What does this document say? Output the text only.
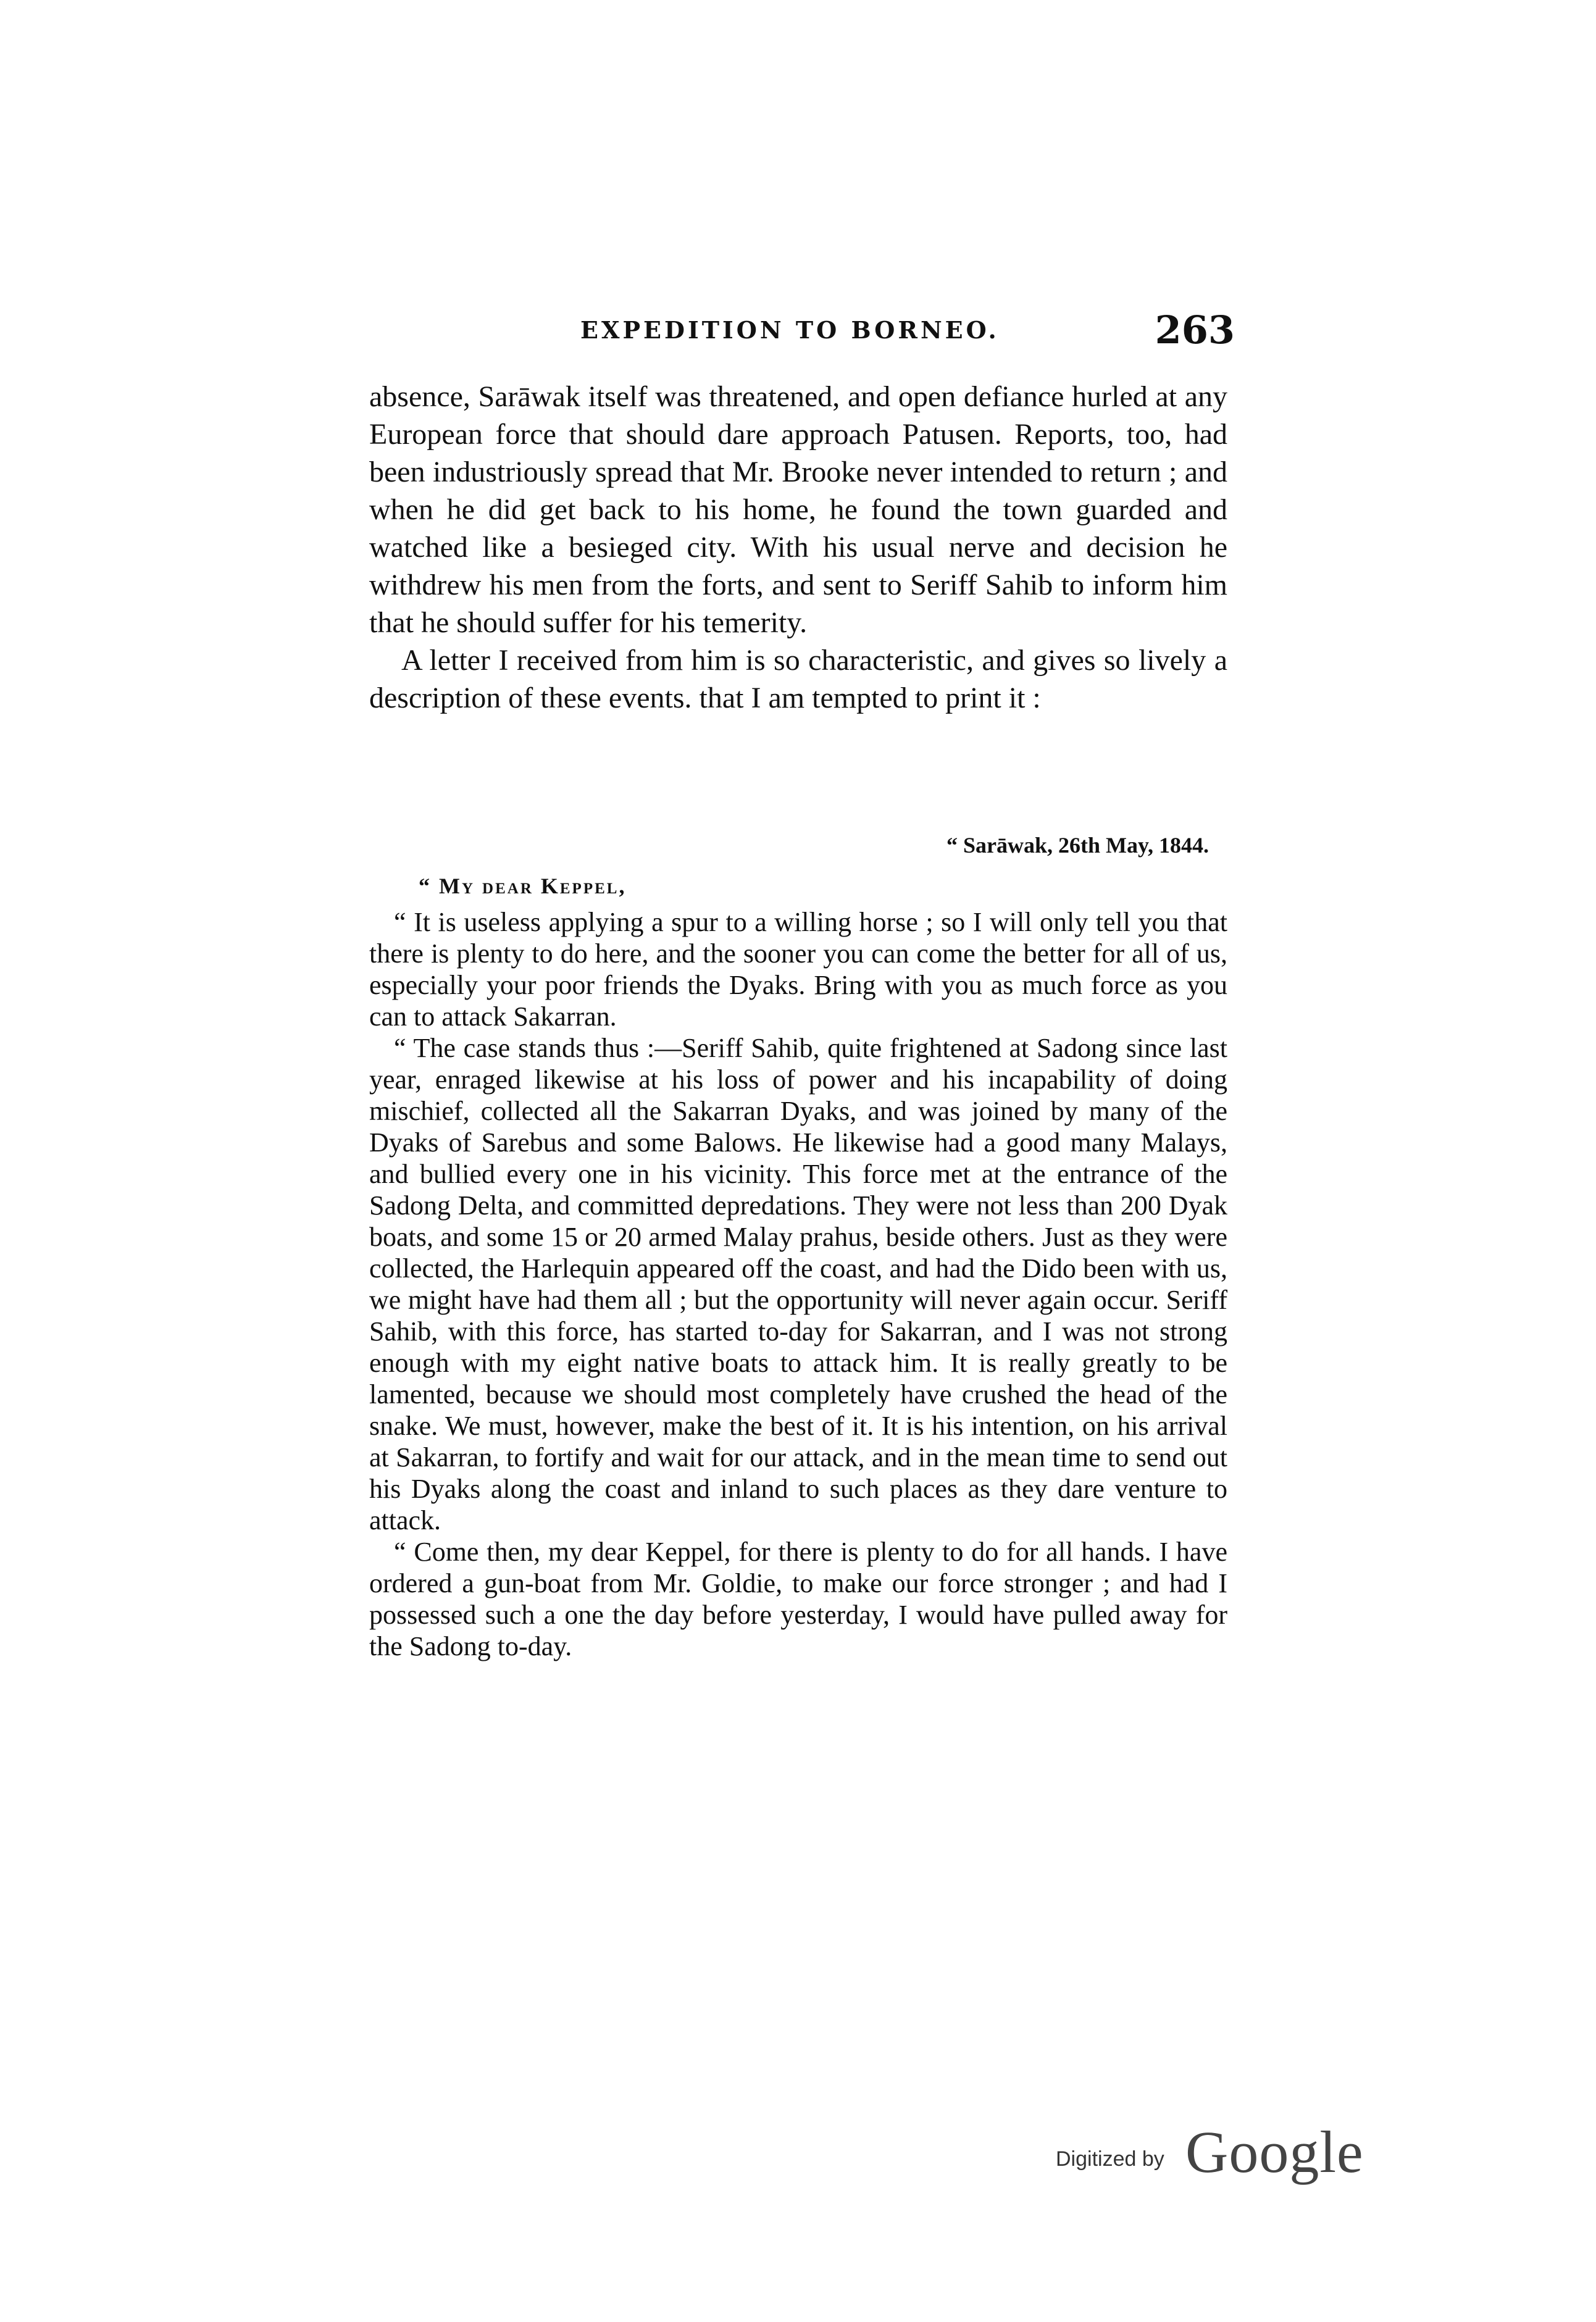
EXPEDITION TO BORNEO.	263

absence, Sarāwak itself was threatened, and open defiance hurled at any European force that should dare approach Patusen. Reports, too, had been industriously spread that Mr. Brooke never intended to return ; and when he did get back to his home, he found the town guarded and watched like a besieged city. With his usual nerve and decision he withdrew his men from the forts, and sent to Seriff Sahib to inform him that he should suffer for his temerity.

A letter I received from him is so characteristic, and gives so lively a description of these events. that I am tempted to print it :

“ Sarāwak, 26th May, 1844.

“ My dear Keppel,

“ It is useless applying a spur to a willing horse ; so I will only tell you that there is plenty to do here, and the sooner you can come the better for all of us, especially your poor friends the Dyaks. Bring with you as much force as you can to attack Sakarran.

“ The case stands thus :—Seriff Sahib, quite frightened at Sadong since last year, enraged likewise at his loss of power and his incapability of doing mischief, collected all the Sakarran Dyaks, and was joined by many of the Dyaks of Sarebus and some Balows. He likewise had a good many Malays, and bullied every one in his vicinity. This force met at the entrance of the Sadong Delta, and committed depredations. They were not less than 200 Dyak boats, and some 15 or 20 armed Malay prahus, beside others. Just as they were collected, the Harlequin appeared off the coast, and had the Dido been with us, we might have had them all ; but the opportunity will never again occur. Seriff Sahib, with this force, has started to-day for Sakarran, and I was not strong enough with my eight native boats to attack him. It is really greatly to be lamented, because we should most completely have crushed the head of the snake. We must, however, make the best of it. It is his intention, on his arrival at Sakarran, to fortify and wait for our attack, and in the mean time to send out his Dyaks along the coast and inland to such places as they dare venture to attack.

“ Come then, my dear Keppel, for there is plenty to do for all hands. I have ordered a gun-boat from Mr. Goldie, to make our force stronger ; and had I possessed such a one the day before yesterday, I would have pulled away for the Sadong to-day.

Digitized by Google
